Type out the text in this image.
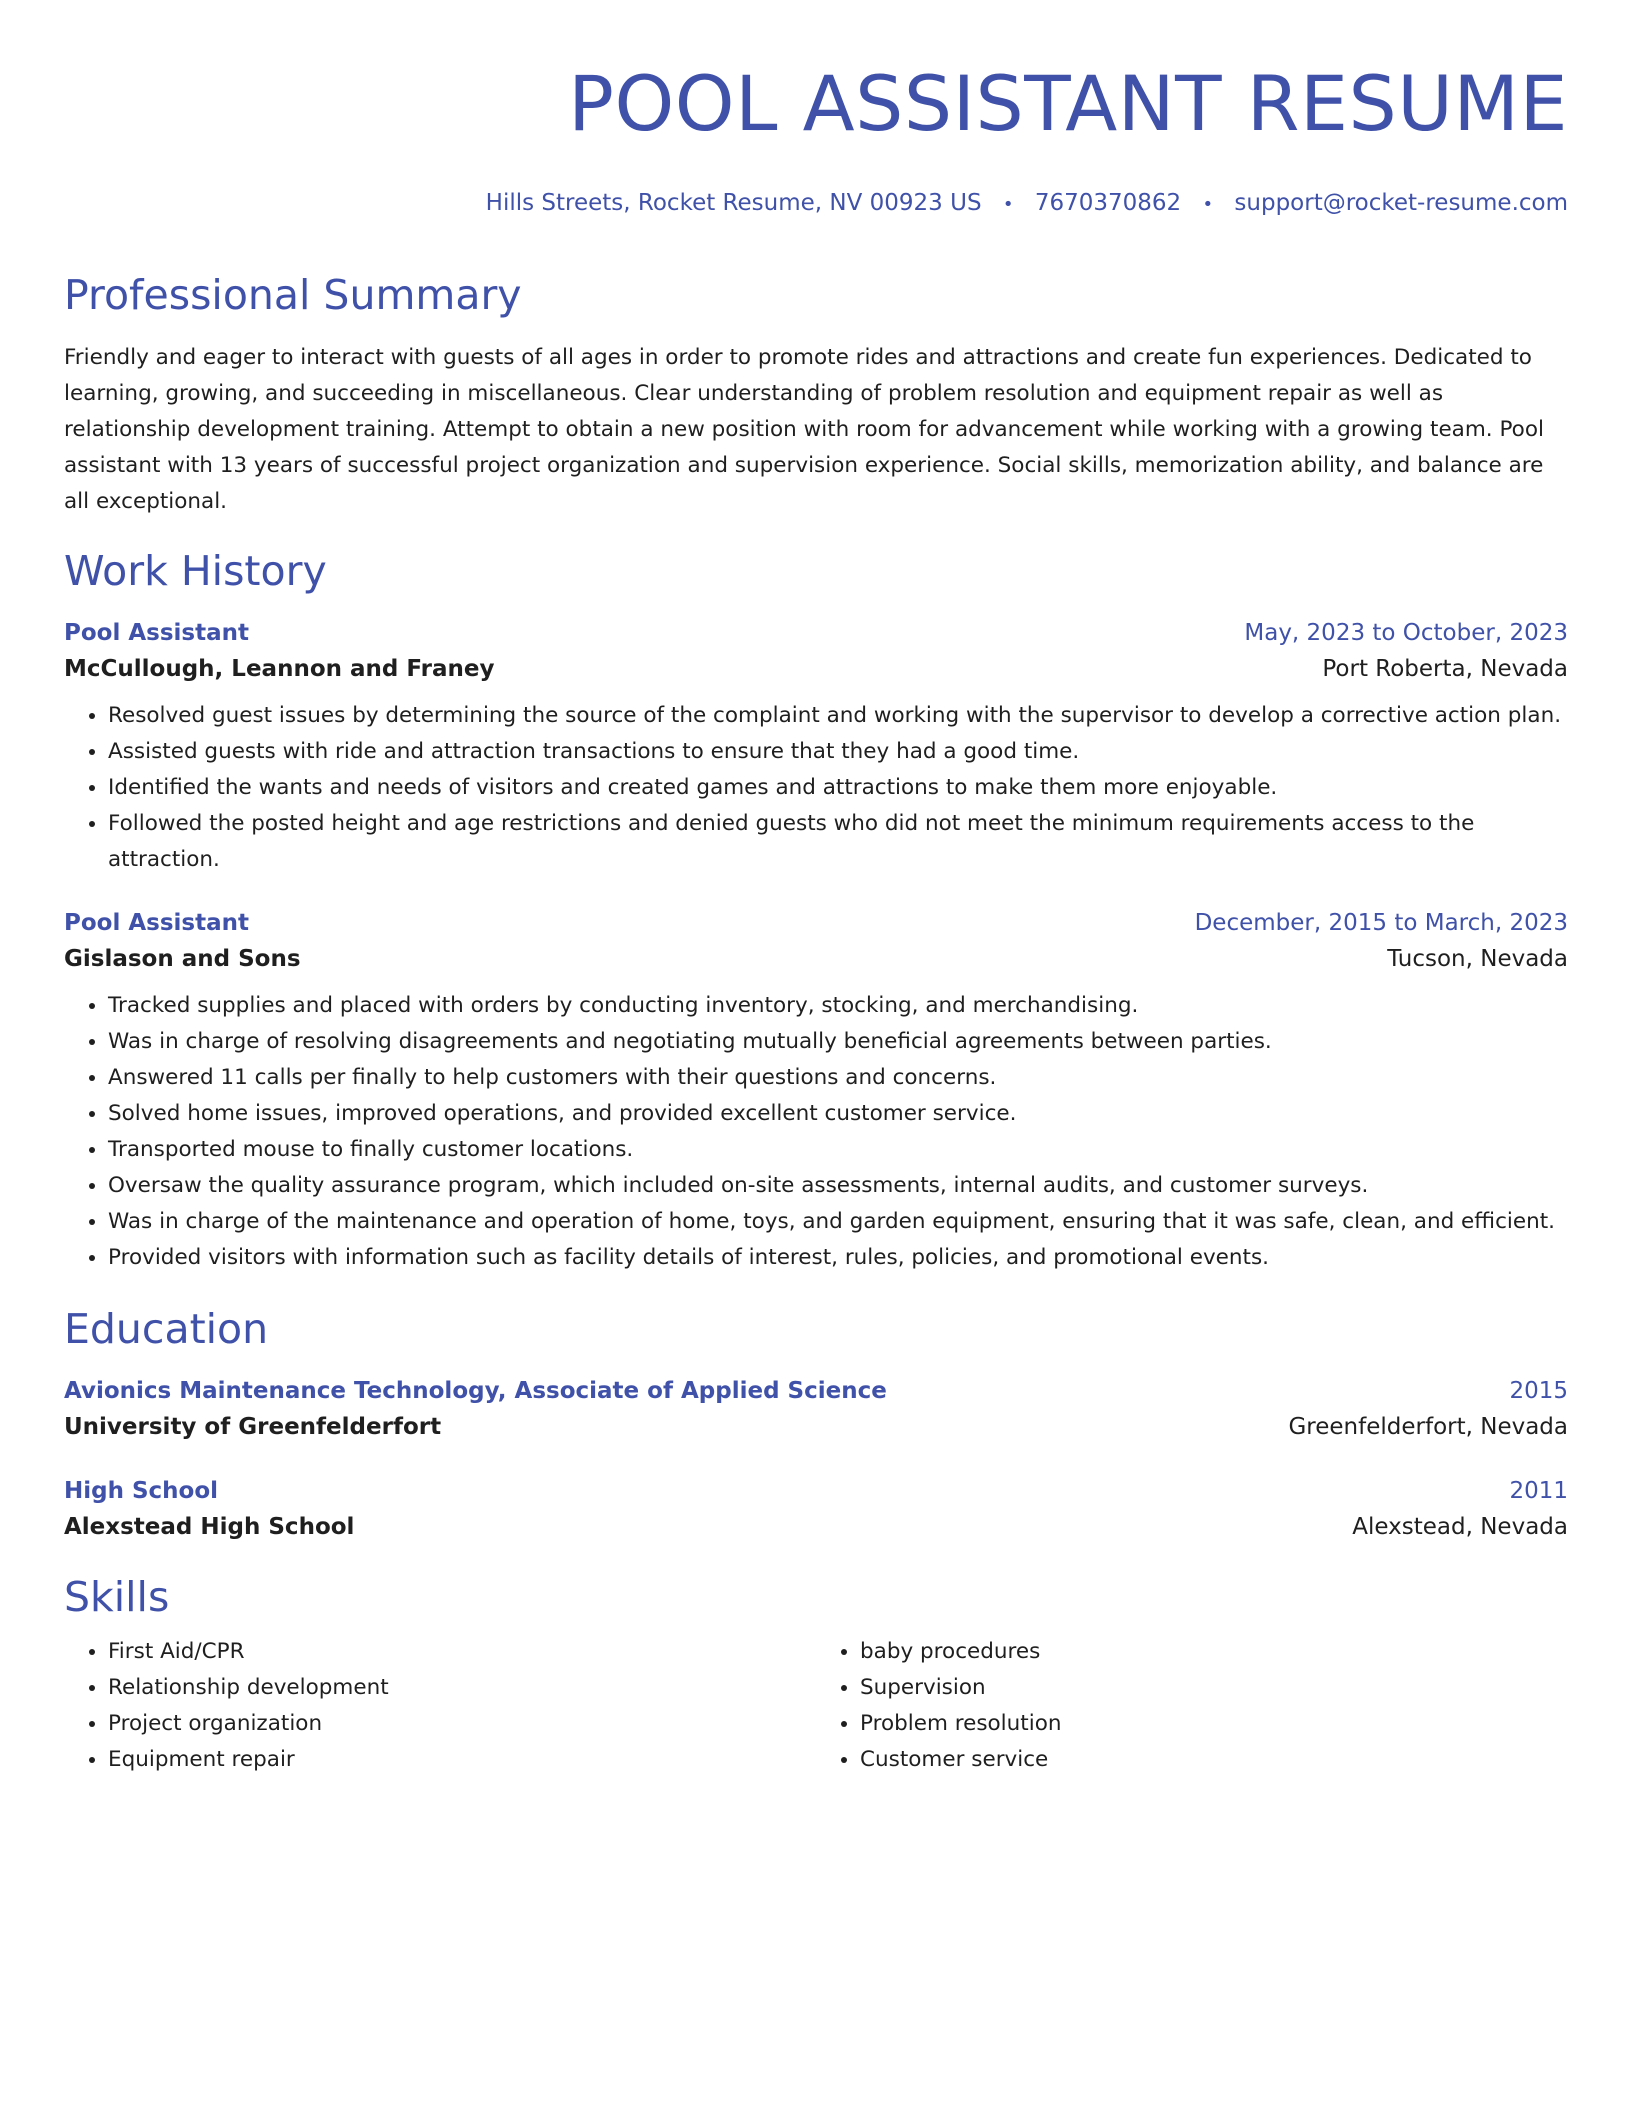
POOL ASSISTANT RESUME
Hills Streets, Rocket Resume, NV 00923 US • 7670370862 • support@rocket-resume.com
Professional Summary

Friendly and eager to interact with guests of all ages in order to promote rides and attractions and create fun experiences. Dedicated to learning, growing, and succeeding in miscellaneous. Clear understanding of problem resolution and equipment repair as well as relationship development training. Attempt to obtain a new position with room for advancement while working with a growing team. Pool assistant with 13 years of successful project organization and supervision experience. Social skills, memorization ability, and balance are all exceptional.

Work History
Pool Assistant	May, 2023 to October, 2023
McCullough, Leannon and Franey	Port Roberta, Nevada
• Resolved guest issues by determining the source of the complaint and working with the supervisor to develop a corrective action plan.
• Assisted guests with ride and attraction transactions to ensure that they had a good time.
• Identified the wants and needs of visitors and created games and attractions to make them more enjoyable.
• Followed the posted height and age restrictions and denied guests who did not meet the minimum requirements access to the attraction.
Pool Assistant	December, 2015 to March, 2023
Gislason and Sons	Tucson, Nevada
• Tracked supplies and placed with orders by conducting inventory, stocking, and merchandising.
• Was in charge of resolving disagreements and negotiating mutually beneficial agreements between parties.
• Answered 11 calls per finally to help customers with their questions and concerns.
• Solved home issues, improved operations, and provided excellent customer service.
• Transported mouse to finally customer locations.
• Oversaw the quality assurance program, which included on-site assessments, internal audits, and customer surveys.
• Was in charge of the maintenance and operation of home, toys, and garden equipment, ensuring that it was safe, clean, and efficient.
• Provided visitors with information such as facility details of interest, rules, policies, and promotional events.
Education
Avionics Maintenance Technology, Associate of Applied Science	2015
University of Greenfelderfort	Greenfelderfort, Nevada
High School	2011
Alexstead High School	Alexstead, Nevada
Skills
• First Aid/CPR
• Relationship development
• Project organization
• Equipment repair
• baby procedures
• Supervision
• Problem resolution
• Customer service
